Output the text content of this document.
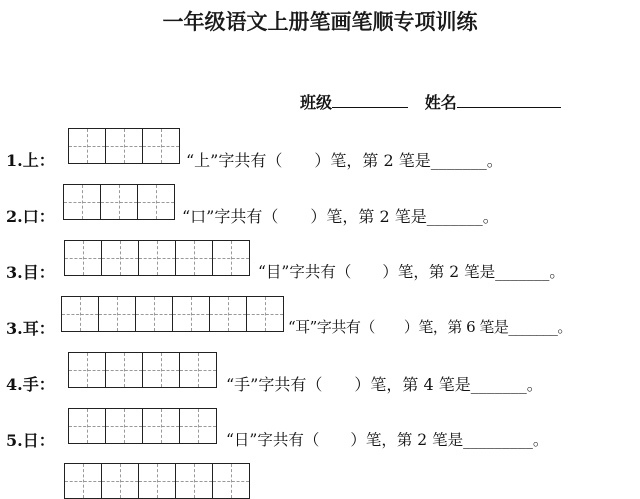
一年级语文上册笔画笔顺专项训练
班级	姓名
1.上：	“上”字共有（　　）笔，第 2 笔是_______。
2.口：	“口”字共有（　　）笔，第 2 笔是_______。
3.目：	“目”字共有（　　）笔，第 2 笔是_______。
3.耳：	“耳”字共有（　　）笔，第 6 笔是_______。
4.手：	“手”字共有（　　）笔，第 4 笔是_______。
5.日：	“日”字共有（　　）笔，第 2 笔是_________。
